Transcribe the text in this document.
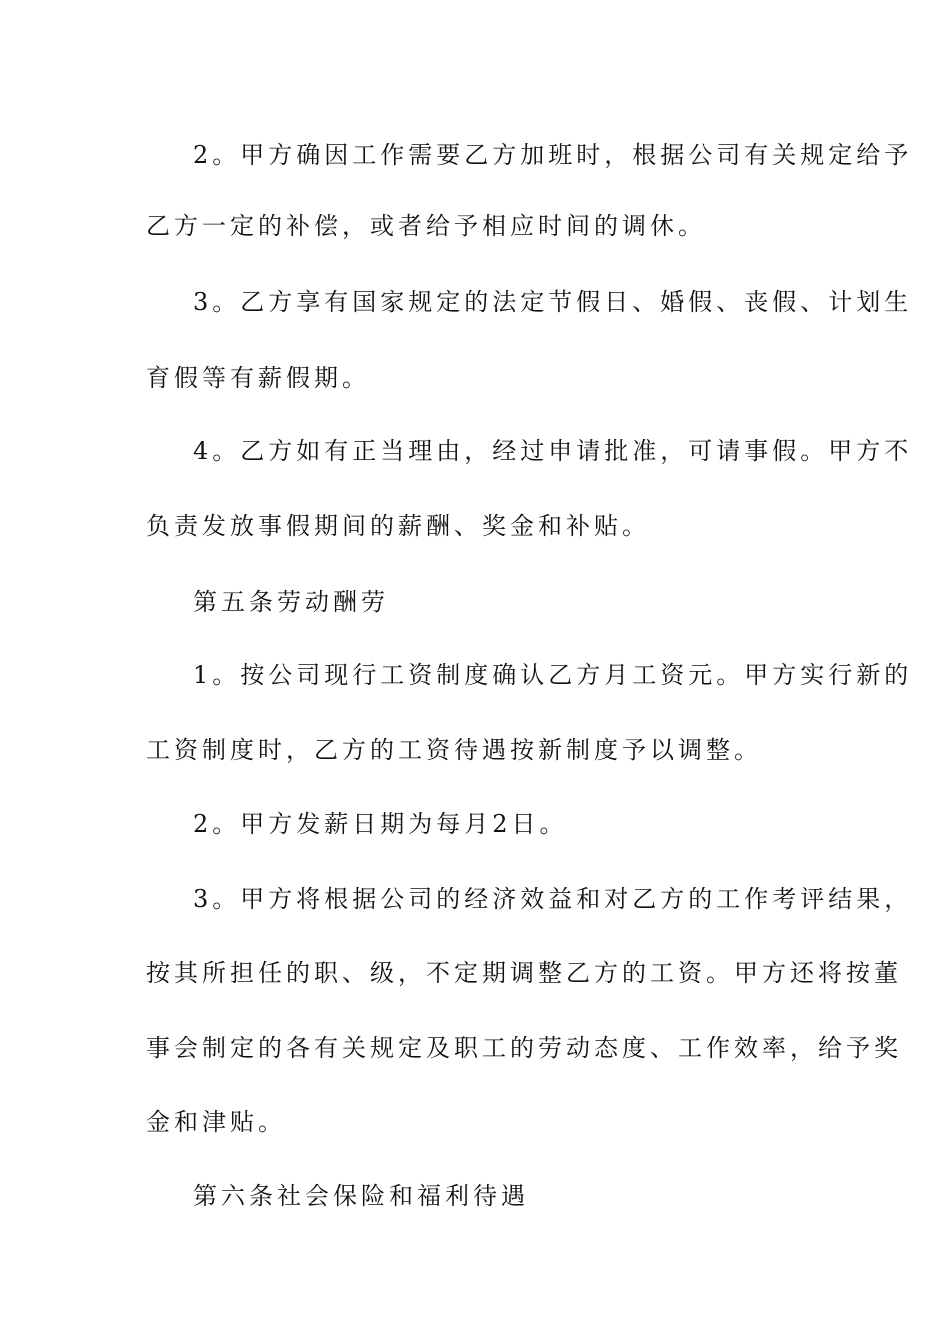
2。甲方确因工作需要乙方加班时，根据公司有关规定给予
乙方一定的补偿，或者给予相应时间的调休。
3。乙方享有国家规定的法定节假日、婚假、丧假、计划生
育假等有薪假期。
4。乙方如有正当理由，经过申请批准，可请事假。甲方不
负责发放事假期间的薪酬、奖金和补贴。
第五条劳动酬劳
1。按公司现行工资制度确认乙方月工资元。甲方实行新的
工资制度时，乙方的工资待遇按新制度予以调整。
2。甲方发薪日期为每月2日。
3。甲方将根据公司的经济效益和对乙方的工作考评结果，
按其所担任的职、级，不定期调整乙方的工资。甲方还将按董
事会制定的各有关规定及职工的劳动态度、工作效率，给予奖
金和津贴。
第六条社会保险和福利待遇
